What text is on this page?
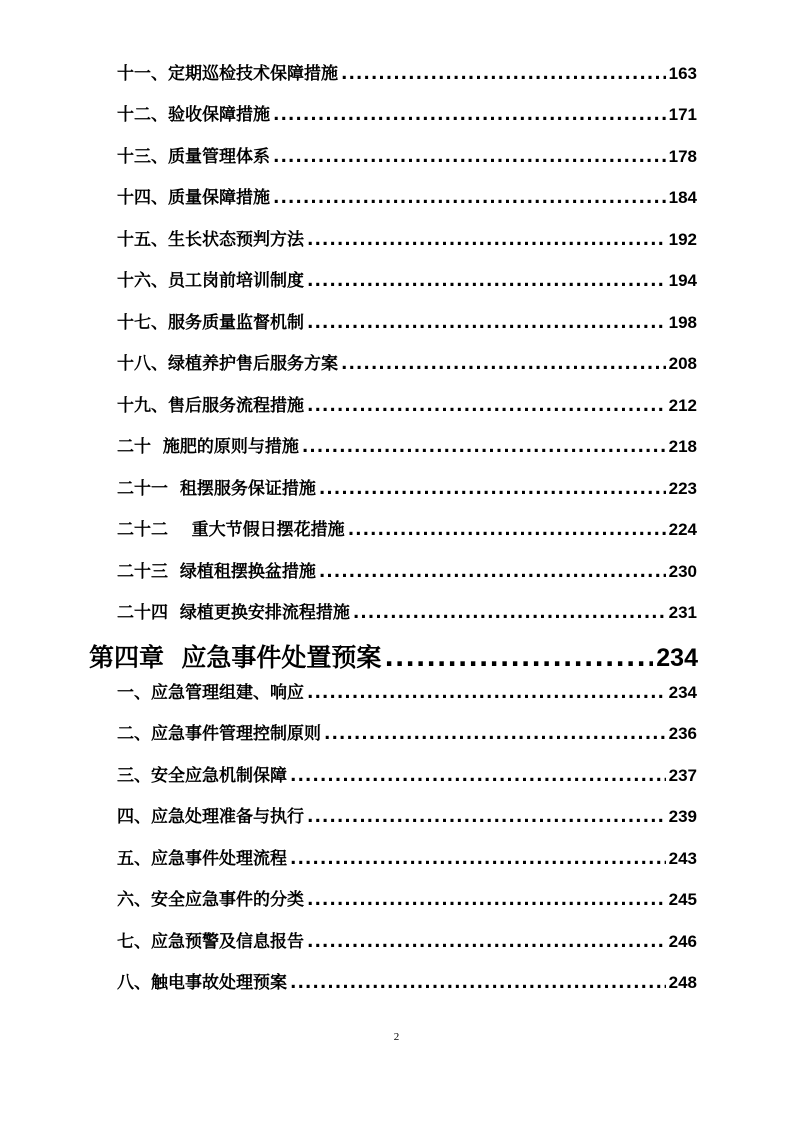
十一、定期巡检技术保障措施 .....	163
十二、验收保障措施 .....	171
十三、质量管理体系 .....	178
十四、质量保障措施 .....	184
十五、生长状态预判方法 .....	192
十六、员工岗前培训制度 .....	194
十七、服务质量监督机制 .....	198
十八、绿植养护售后服务方案 .....	208
十九、售后服务流程措施 .....	212
二十  施肥的原则与措施 .....	218
二十一  租摆服务保证措施 .....	223
二十二    重大节假日摆花措施 .....	224
二十三  绿植租摆换盆措施 .....	230
二十四  绿植更换安排流程措施 .....	231
第四章  应急事件处置预案 .....	234
一、应急管理组建、响应 .....	234
二、应急事件管理控制原则 .....	236
三、安全应急机制保障 .....	237
四、应急处理准备与执行 .....	239
五、应急事件处理流程 .....	243
六、安全应急事件的分类 .....	245
七、应急预警及信息报告 .....	246
八、触电事故处理预案 .....	248
2
